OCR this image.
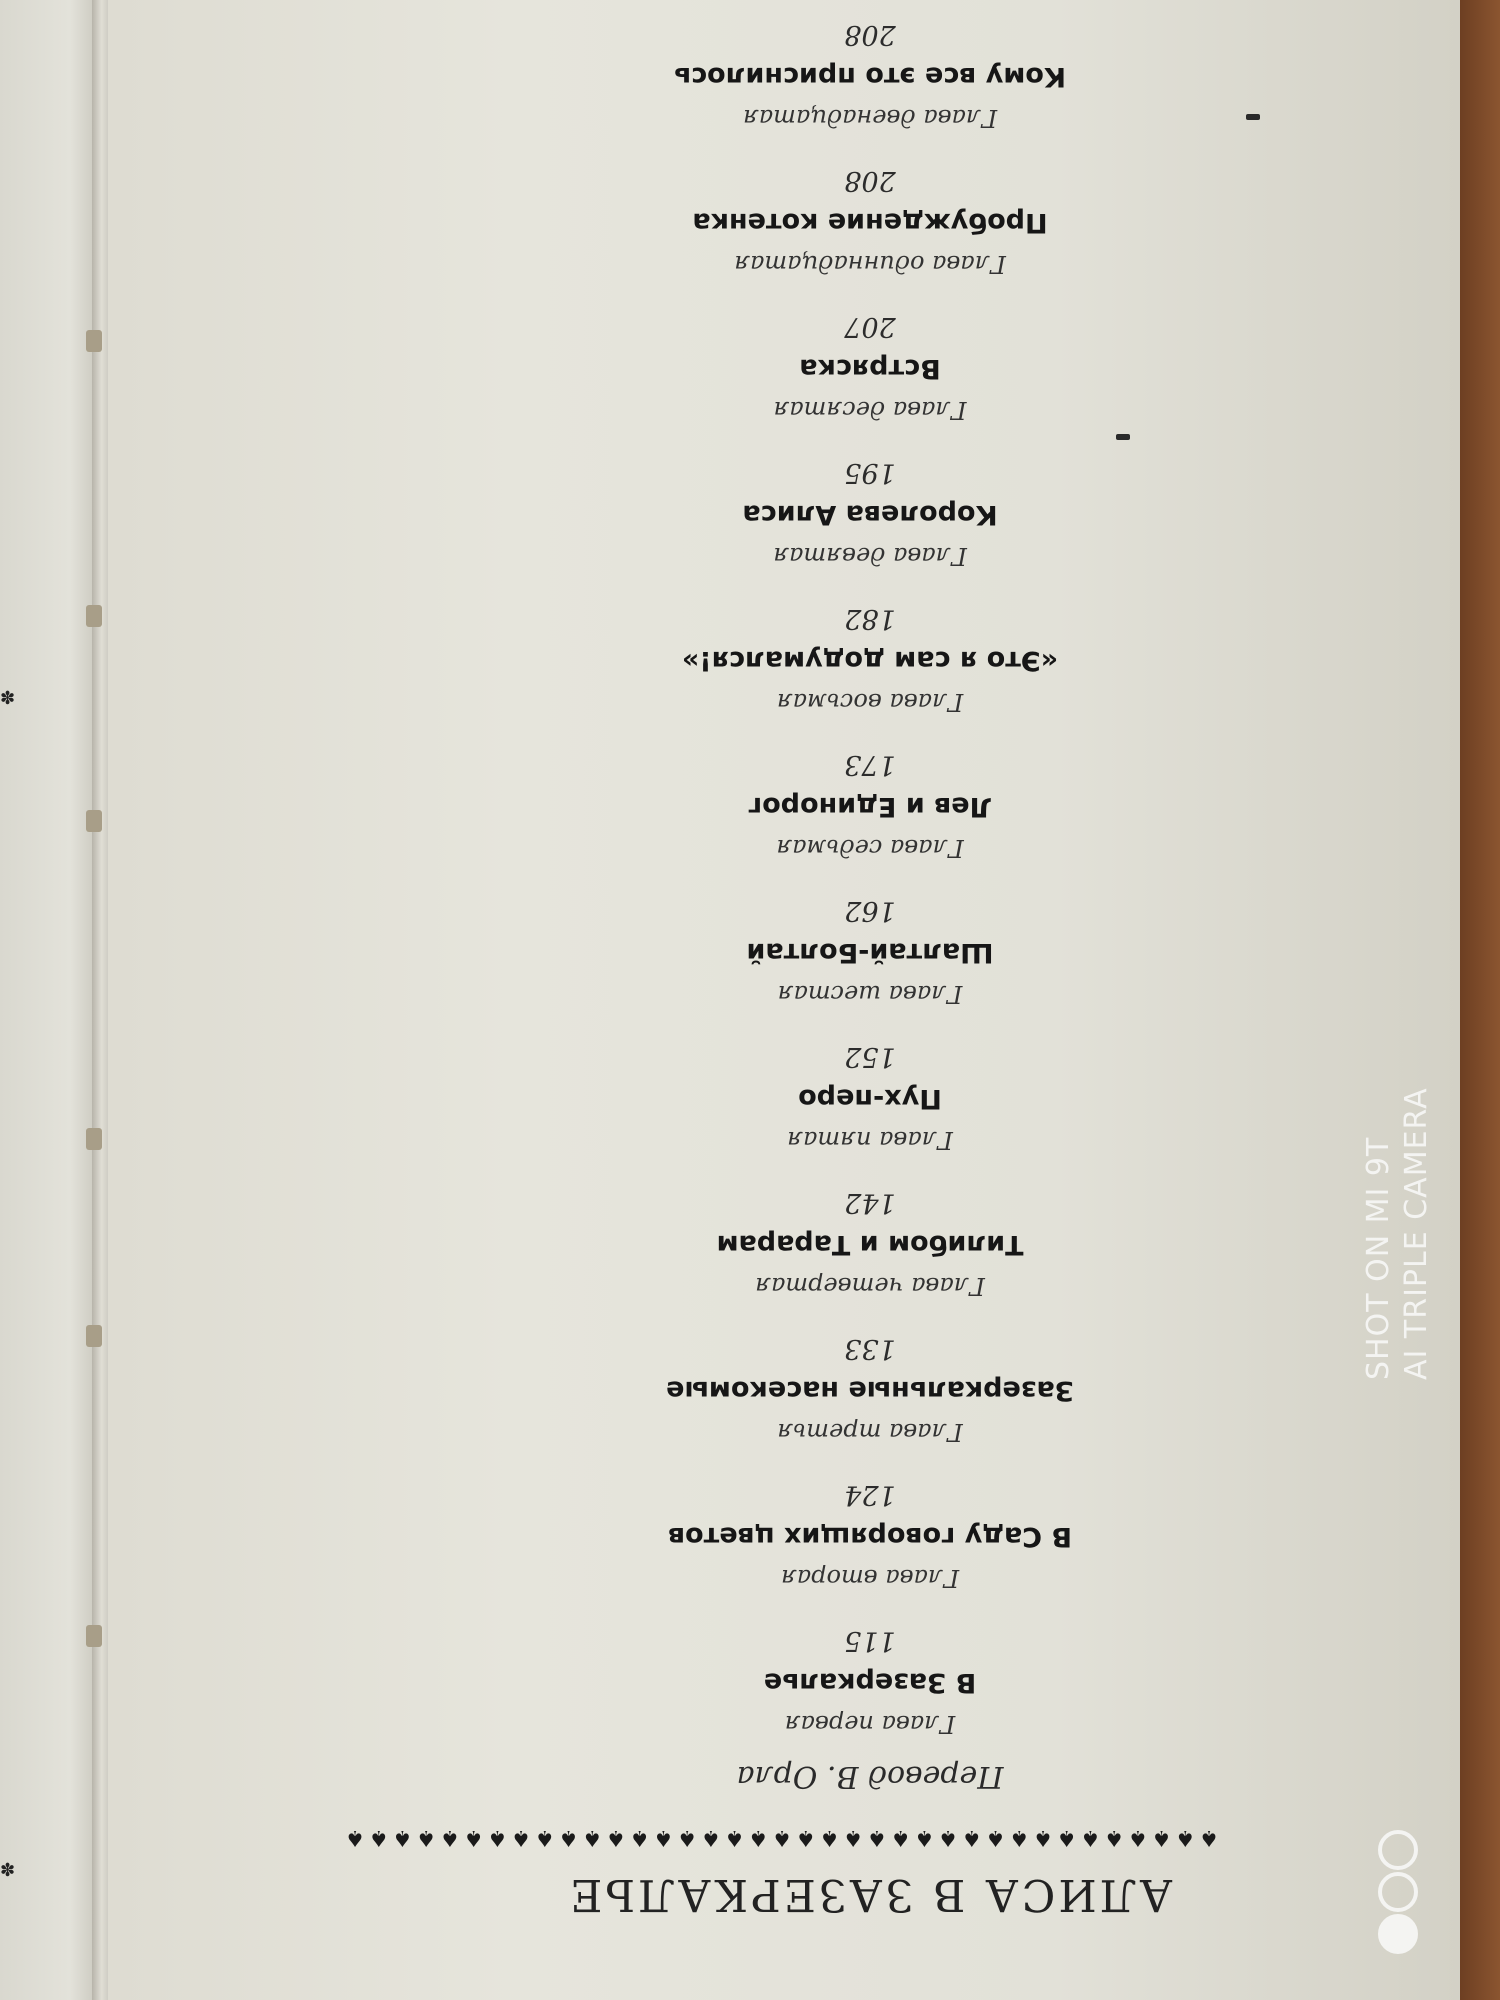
✽
✽	АЛИСА В ЗАЗЕРКАЛЬЕ
♠♠♠♠♠♠♠♠♠♠♠♠♠♠♠♠♠♠♠♠♠♠♠♠♠♠♠♠♠♠♠♠♠♠♠♠♠
Перевод В. Орла
Глава первая
В Зазеркалье
115
Глава вторая
В Саду говорящих цветов
124
Глава третья
Зазеркальные насекомые
133
Глава четвертая
Тилибом и Тарарам
142
Глава пятая
Пух-перо
152
Глава шестая
Шалтай-Болтай
162
Глава седьмая
Лев и Единорог
173
Глава восьмая
«Это я сам додумался!»
182
Глава девятая
Королева Алиса
195
Глава десятая
Встряска
207
Глава одиннадцатая
Пробуждение котенка
208
Глава двенадцатая
Кому все это приснилось
208
SHOT ON MI 9T AI TRIPLE CAMERA
